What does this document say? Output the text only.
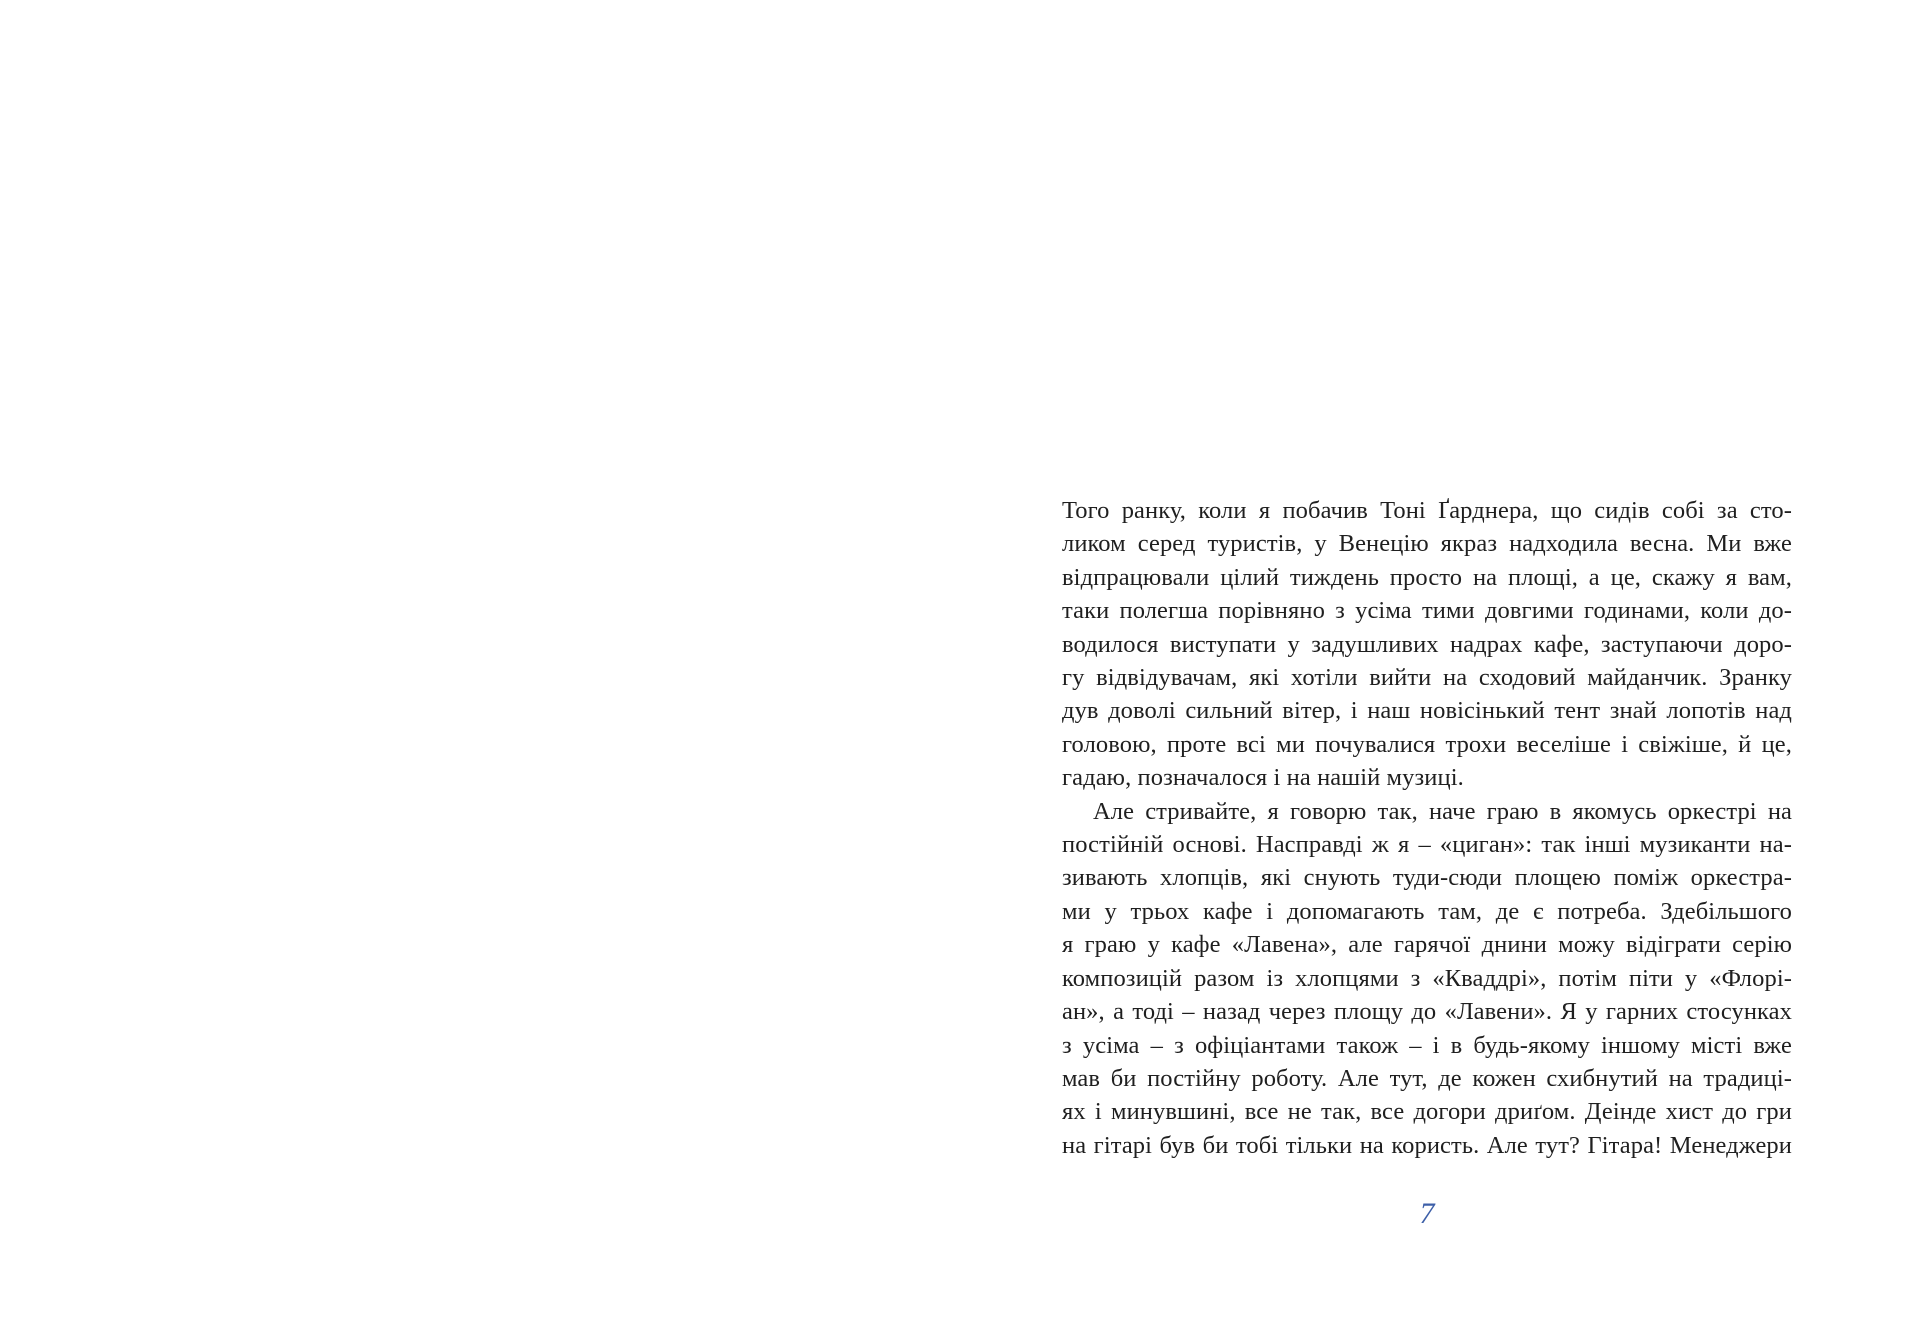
Того ранку, коли я побачив Тоні Ґарднера, що сидів собі за сто-
ликом серед туристів, у Венецію якраз надходила весна. Ми вже
відпрацювали цілий тиждень просто на площі, а це, скажу я вам,
таки полегша порівняно з усіма тими довгими годинами, коли до-
водилося виступати у задушливих надрах кафе, заступаючи доро-
гу відвідувачам, які хотіли вийти на сходовий майданчик. Зранку
дув доволі сильний вітер, і наш новісінький тент знай лопотів над
головою, проте всі ми почувалися трохи веселіше і свіжіше, й це,
гадаю, позначалося і на нашій музиці.
Але стривайте, я говорю так, наче граю в якомусь оркестрі на
постійній основі. Насправді ж я – «циган»: так інші музиканти на-
зивають хлопців, які снують туди-сюди площею поміж оркестра-
ми у трьох кафе і допомагають там, де є потреба. Здебільшого
я граю у кафе «Лавена», але гарячої днини можу відіграти серію
композицій разом із хлопцями з «Кваддрі», потім піти у «Флорі-
ан», а тоді – назад через площу до «Лавени». Я у гарних стосунках
з усіма – з офіціантами також – і в будь-якому іншому місті вже
мав би постійну роботу. Але тут, де кожен схибнутий на традиці-
ях і минувшині, все не так, все догори дриґом. Деінде хист до гри
на гітарі був би тобі тільки на користь. Але тут? Гітара! Менеджери
7
